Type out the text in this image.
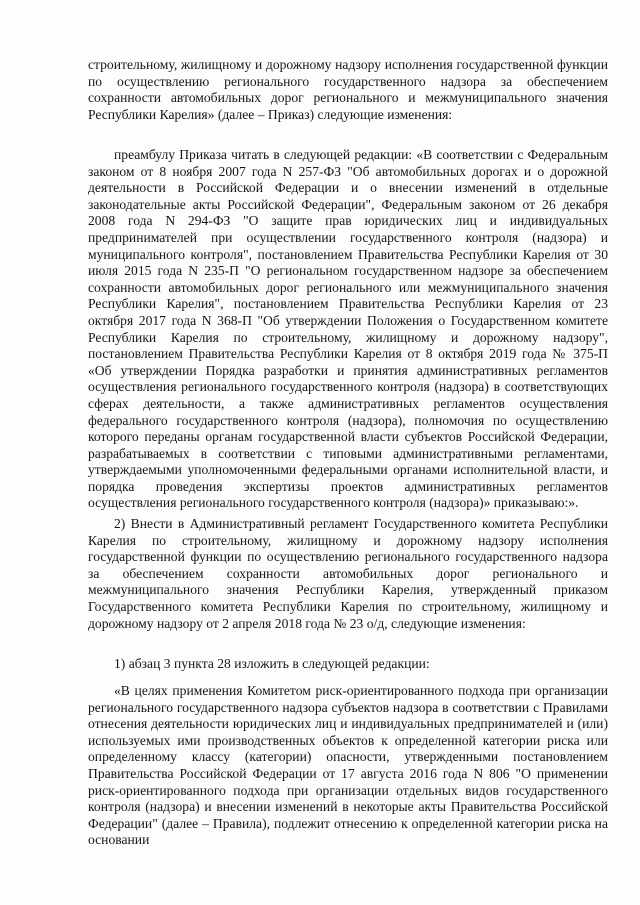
строительному, жилищному и дорожному надзору исполнения государственной функции по осуществлению регионального государственного надзора за обеспечением сохранности автомобильных дорог регионального и межмуниципального значения Республики Карелия» (далее – Приказ) следующие изменения:

преамбулу Приказа читать в следующей редакции: «В соответствии с Федеральным законом от 8 ноября 2007 года N 257-ФЗ "Об автомобильных дорогах и о дорожной деятельности в Российской Федерации и о внесении изменений в отдельные законодательные акты Российской Федерации", Федеральным законом от 26 декабря 2008 года N 294-ФЗ "О защите прав юридических лиц и индивидуальных предпринимателей при осуществлении государственного контроля (надзора) и муниципального контроля", постановлением Правительства Республики Карелия от 30 июля 2015 года N 235-П "О региональном государственном надзоре за обеспечением сохранности автомобильных дорог регионального или межмуниципального значения Республики Карелия", постановлением Правительства Республики Карелия от 23 октября 2017 года N 368-П "Об утверждении Положения о Государственном комитете Республики Карелия по строительному, жилищному и дорожному надзору", постановлением Правительства Республики Карелия от 8 октября 2019 года № 375-П «Об утверждении Порядка разработки и принятия административных регламентов осуществления регионального государственного контроля (надзора) в соответствующих сферах деятельности, а также административных регламентов осуществления федерального государственного контроля (надзора), полномочия по осуществлению которого переданы органам государственной власти субъектов Российской Федерации, разрабатываемых в соответствии с типовыми административными регламентами, утверждаемыми уполномоченными федеральными органами исполнительной власти, и порядка проведения экспертизы проектов административных регламентов осуществления регионального государственного контроля (надзора)» приказываю:».

2) Внести в Административный регламент Государственного комитета Республики Карелия по строительному, жилищному и дорожному надзору исполнения государственной функции по осуществлению регионального государственного надзора за обеспечением сохранности автомобильных дорог регионального и межмуниципального значения Республики Карелия, утвержденный приказом Государственного комитета Республики Карелия по строительному, жилищному и дорожному надзору от 2 апреля 2018 года № 23 о/д, следующие изменения:

1) абзац 3 пункта 28 изложить в следующей редакции:

«В целях применения Комитетом риск-ориентированного подхода при организации регионального государственного надзора субъектов надзора в соответствии с Правилами отнесения деятельности юридических лиц и индивидуальных предпринимателей и (или) используемых ими производственных объектов к определенной категории риска или определенному классу (категории) опасности, утвержденными постановлением Правительства Российской Федерации от 17 августа 2016 года N 806 "О применении риск-ориентированного подхода при организации отдельных видов государственного контроля (надзора) и внесении изменений в некоторые акты Правительства Российской Федерации" (далее – Правила), подлежит отнесению к определенной категории риска на основании
